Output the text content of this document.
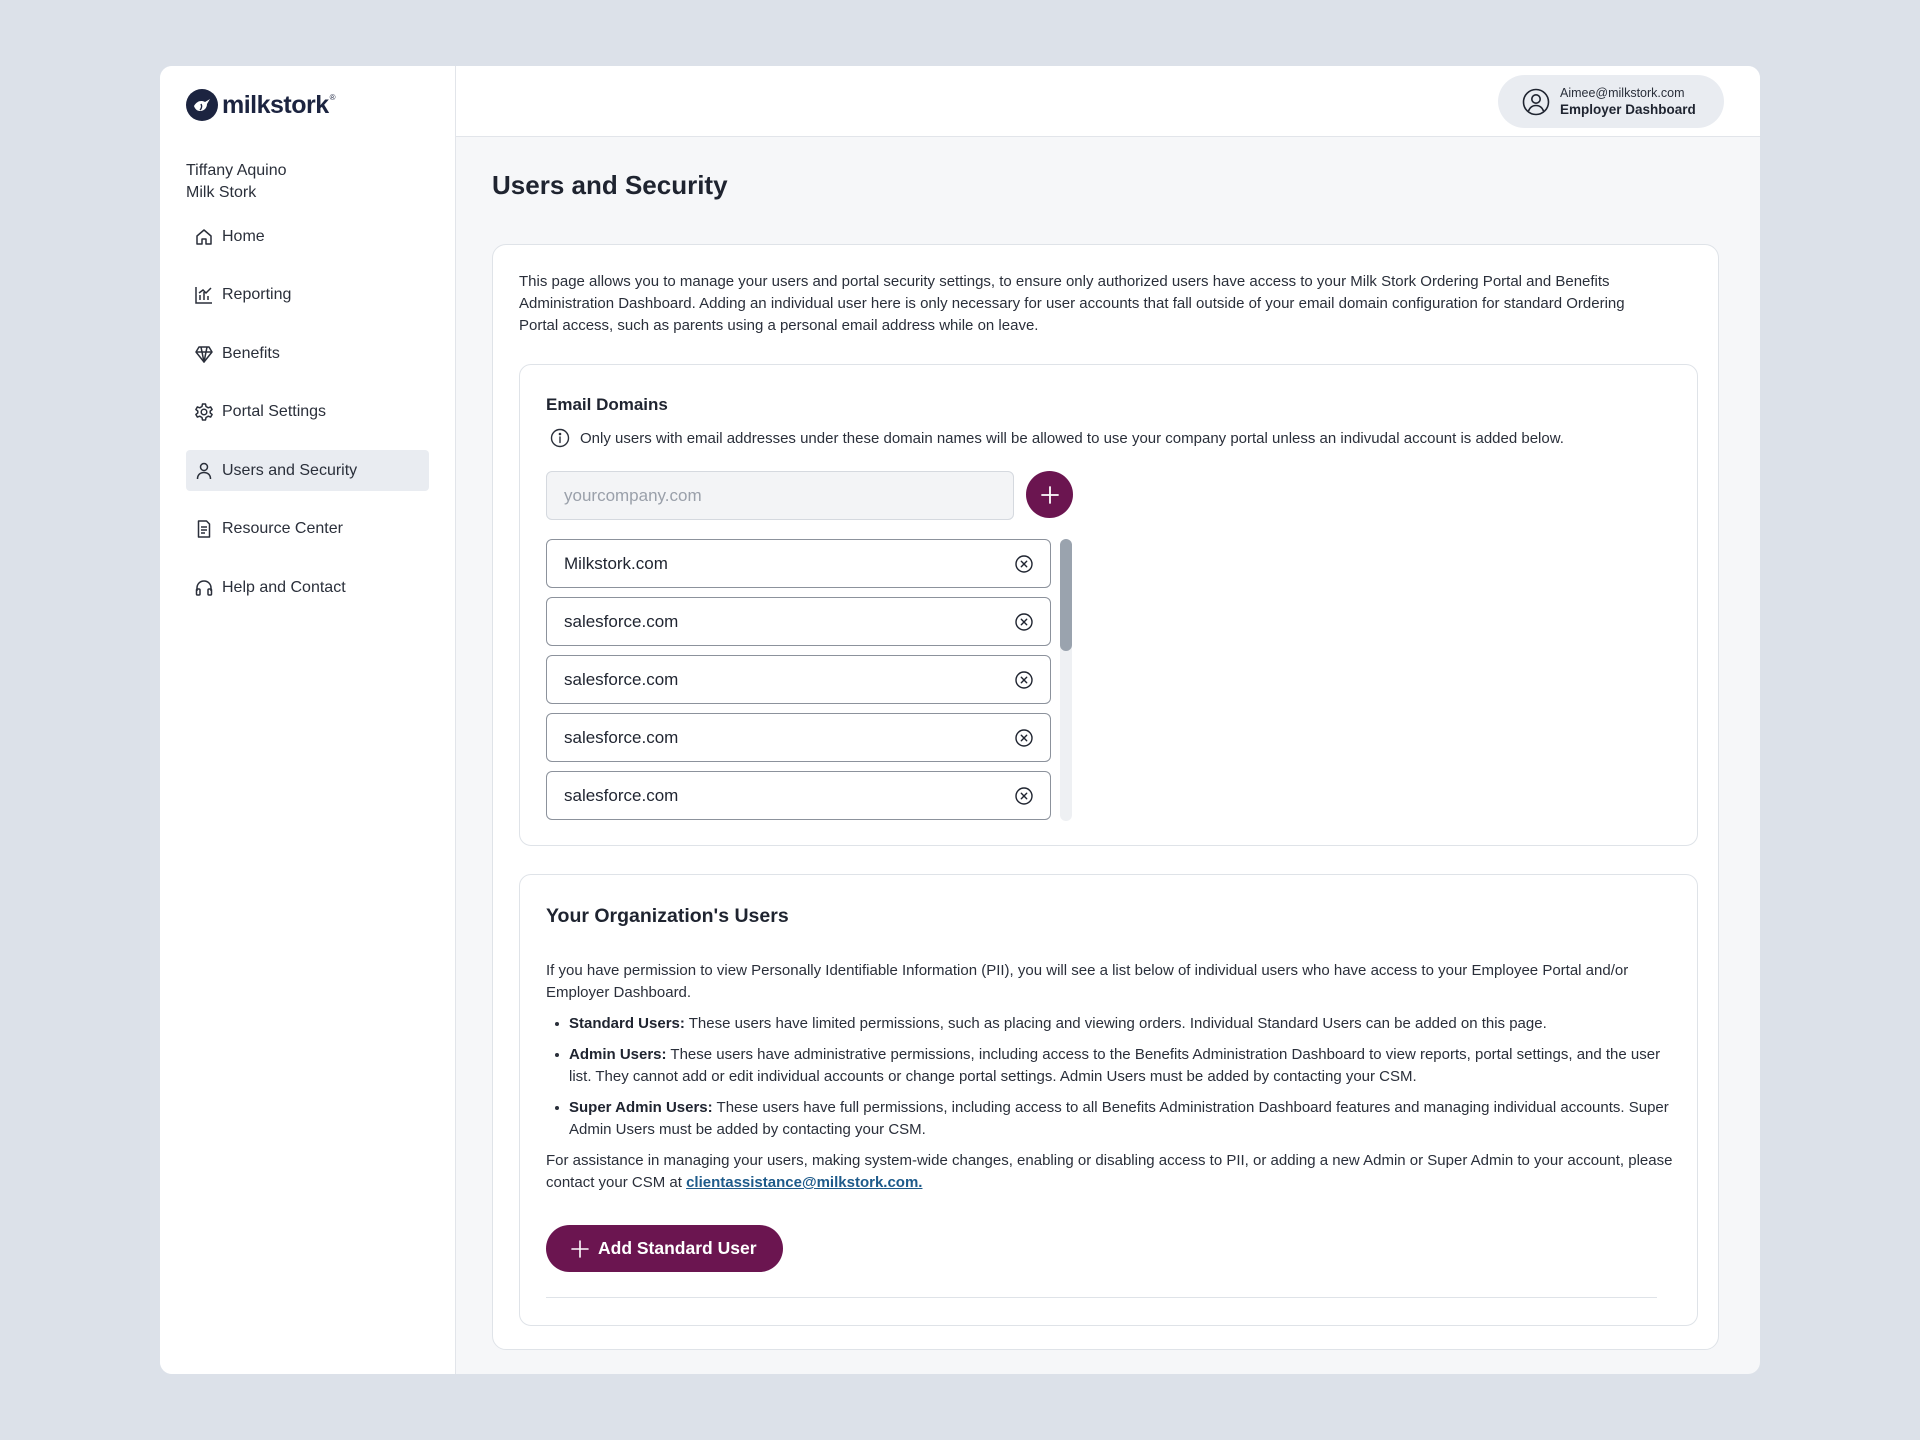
milkstork ®
Tiffany Aquino
Milk Stork
Home
Reporting
Benefits
Portal Settings
Users and Security
Resource Center
Help and Contact
Aimee@milkstork.com
Employer Dashboard
Users and Security

This page allows you to manage your users and portal security settings, to ensure only authorized users have access to your Milk Stork Ordering Portal and Benefits Administration Dashboard. Adding an individual user here is only necessary for user accounts that fall outside of your email domain configuration for standard Ordering Portal access, such as parents using a personal email address while on leave.

Email Domains
Only users with email addresses under these domain names will be allowed to use your company portal unless an indivudal account is added below.
yourcompany.com
Milkstork.com
salesforce.com
salesforce.com
salesforce.com
salesforce.com
Your Organization's Users

If you have permission to view Personally Identifiable Information (PII), you will see a list below of individual users who have access to your Employee Portal and/or Employer Dashboard.

Standard Users: These users have limited permissions, such as placing and viewing orders. Individual Standard Users can be added on this page.
Admin Users: These users have administrative permissions, including access to the Benefits Administration Dashboard to view reports, portal settings, and the user list. They cannot add or edit individual accounts or change portal settings. Admin Users must be added by contacting your CSM.
Super Admin Users: These users have full permissions, including access to all Benefits Administration Dashboard features and managing individual accounts. Super Admin Users must be added by contacting your CSM.

For assistance in managing your users, making system-wide changes, enabling or disabling access to PII, or adding a new Admin or Super Admin to your account, please contact your CSM at clientassistance@milkstork.com.

Add Standard User
